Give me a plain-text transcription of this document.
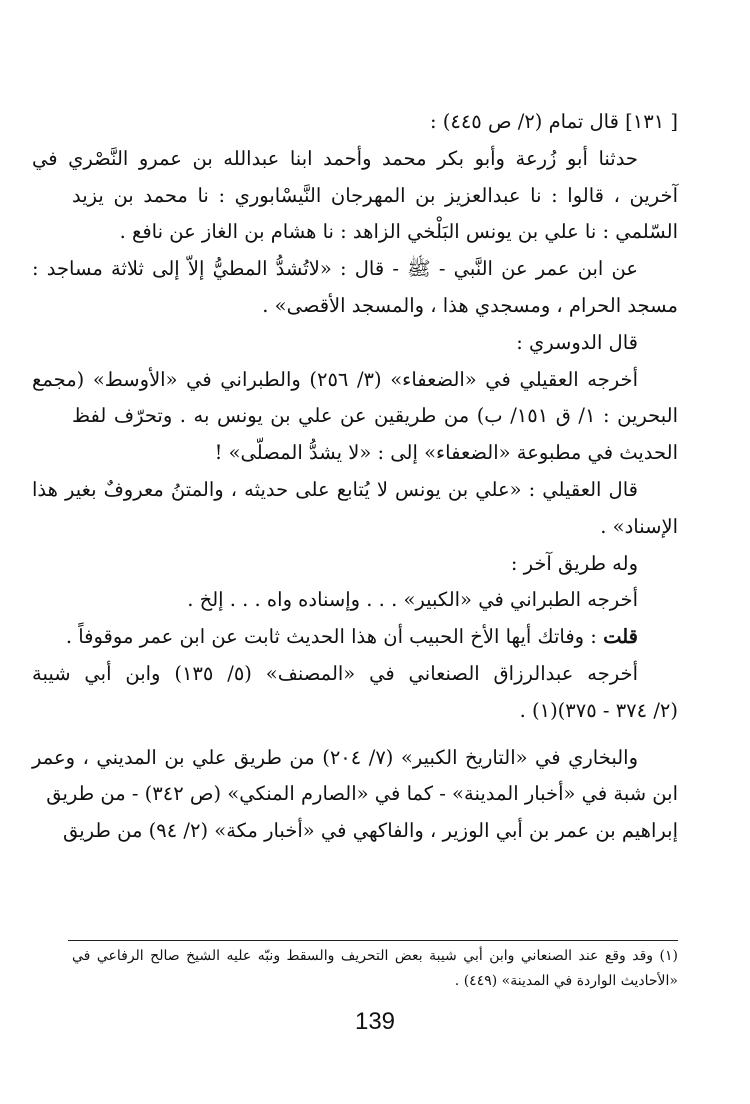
[ ١٣١] قال تمام (٢/ ص ٤٤٥) :
حدثنا أبو زُرعة وأبو بكر محمد وأحمد ابنا عبدالله بن عمرو النَّصْري في
آخرين ، قالوا : نا عبدالعزيز بن المهرجان النَّيسْابوري : نا محمد بن يزيد
السّلمي : نا علي بن يونس البَلْخي الزاهد : نا هشام بن الغاز عن نافع .
عن ابن عمر عن النَّبي - ﷺ - قال : «لاتُشدُّ المطيُّ إلاّ إلى ثلاثة مساجد :
مسجد الحرام ، ومسجدي هذا ، والمسجد الأقصى» .
قال الدوسري :
أخرجه العقيلي في «الضعفاء» (٣/ ٢٥٦) والطبراني في «الأوسط» (مجمع
البحرين : ١/ ق ١٥١/ ب) من طريقين عن علي بن يونس به . وتحرّف لفظ
الحديث في مطبوعة «الضعفاء» إلى : «لا يشدُّ المصلّى» !
قال العقيلي : «علي بن يونس لا يُتابع على حديثه ، والمتنُ معروفٌ بغير هذا
الإسناد» .
وله طريق آخر :
أخرجه الطبراني في «الكبير» . . . وإسناده واه . . . إلخ .
قلت : وفاتك أيها الأخ الحبيب أن هذا الحديث ثابت عن ابن عمر موقوفاً .
أخرجه عبدالرزاق الصنعاني في «المصنف» (٥/ ١٣٥) وابن أبي شيبة
(٢/ ٣٧٤ - ٣٧٥)(١) .
والبخاري في «التاريخ الكبير» (٧/ ٢٠٤) من طريق علي بن المديني ، وعمر
ابن شبة في «أخبار المدينة» - كما في «الصارم المنكي» (ص ٣٤٢) - من طريق
إبراهيم بن عمر بن أبي الوزير ، والفاكهي في «أخبار مكة» (٢/ ٩٤) من طريق
(١) وقد وقع عند الصنعاني وابن أبي شيبة بعض التحريف والسقط ونبّه عليه الشيخ صالح الرفاعي في
«الأحاديث الواردة في المدينة» (٤٤٩) .
139
